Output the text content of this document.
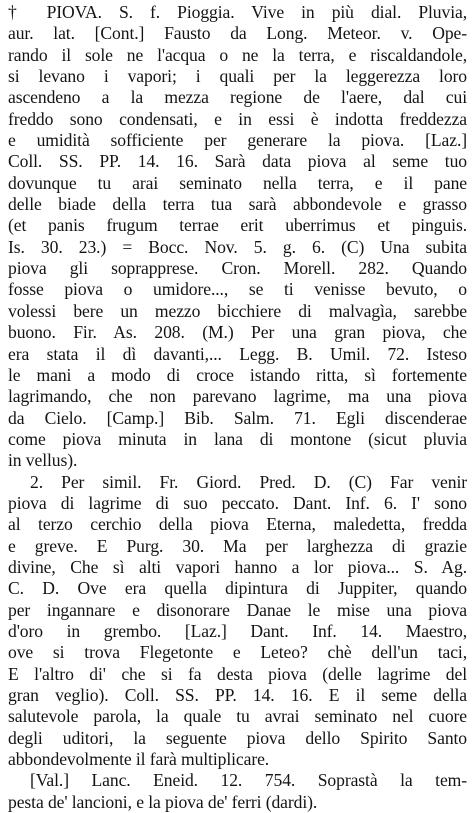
† PIOVA. S. f. Pioggia. Vive in più dial. Pluvia,
aur. lat. [Cont.] Fausto da Long. Meteor. v. Ope-
rando il sole ne l'acqua o ne la terra, e riscaldandole,
si levano i vapori; i quali per la leggerezza loro
ascendeno a la mezza regione de l'aere, dal cui
freddo sono condensati, e in essi è indotta freddezza
e umidità sofficiente per generare la piova. [Laz.]
Coll. SS. PP. 14. 16. Sarà data piova al seme tuo
dovunque tu arai seminato nella terra, e il pane
delle biade della terra tua sarà abbondevole e grasso
(et panis frugum terrae erit uberrimus et pinguis.
Is. 30. 23.) = Bocc. Nov. 5. g. 6. (C) Una subita
piova gli soprapprese. Cron. Morell. 282. Quando
fosse piova o umidore..., se ti venisse bevuto, o
volessi bere un mezzo bicchiere di malvagìa, sarebbe
buono. Fir. As. 208. (M.) Per una gran piova, che
era stata il dì davanti,... Legg. B. Umil. 72. Isteso
le mani a modo di croce istando ritta, sì fortemente
lagrimando, che non parevano lagrime, ma una piova
da Cielo. [Camp.] Bib. Salm. 71. Egli discenderae
come piova minuta in lana di montone (sicut pluvia
in vellus).
2. Per simil. Fr. Giord. Pred. D. (C) Far venir
piova di lagrime di suo peccato. Dant. Inf. 6. I' sono
al terzo cerchio della piova Eterna, maledetta, fredda
e greve. E Purg. 30. Ma per larghezza di grazie
divine, Che sì alti vapori hanno a lor piova... S. Ag.
C. D. Ove era quella dipintura di Juppiter, quando
per ingannare e disonorare Danae le mise una piova
d'oro in grembo. [Laz.] Dant. Inf. 14. Maestro,
ove si trova Flegetonte e Leteo? chè dell'un taci,
E l'altro di' che si fa desta piova (delle lagrime del
gran veglio). Coll. SS. PP. 14. 16. E il seme della
salutevole parola, la quale tu avrai seminato nel cuore
degli uditori, la seguente piova dello Spirito Santo
abbondevolmente il farà multiplicare.
[Val.] Lanc. Eneid. 12. 754. Soprastà la tem-
pesta de' lancioni, e la piova de' ferri (dardi).
